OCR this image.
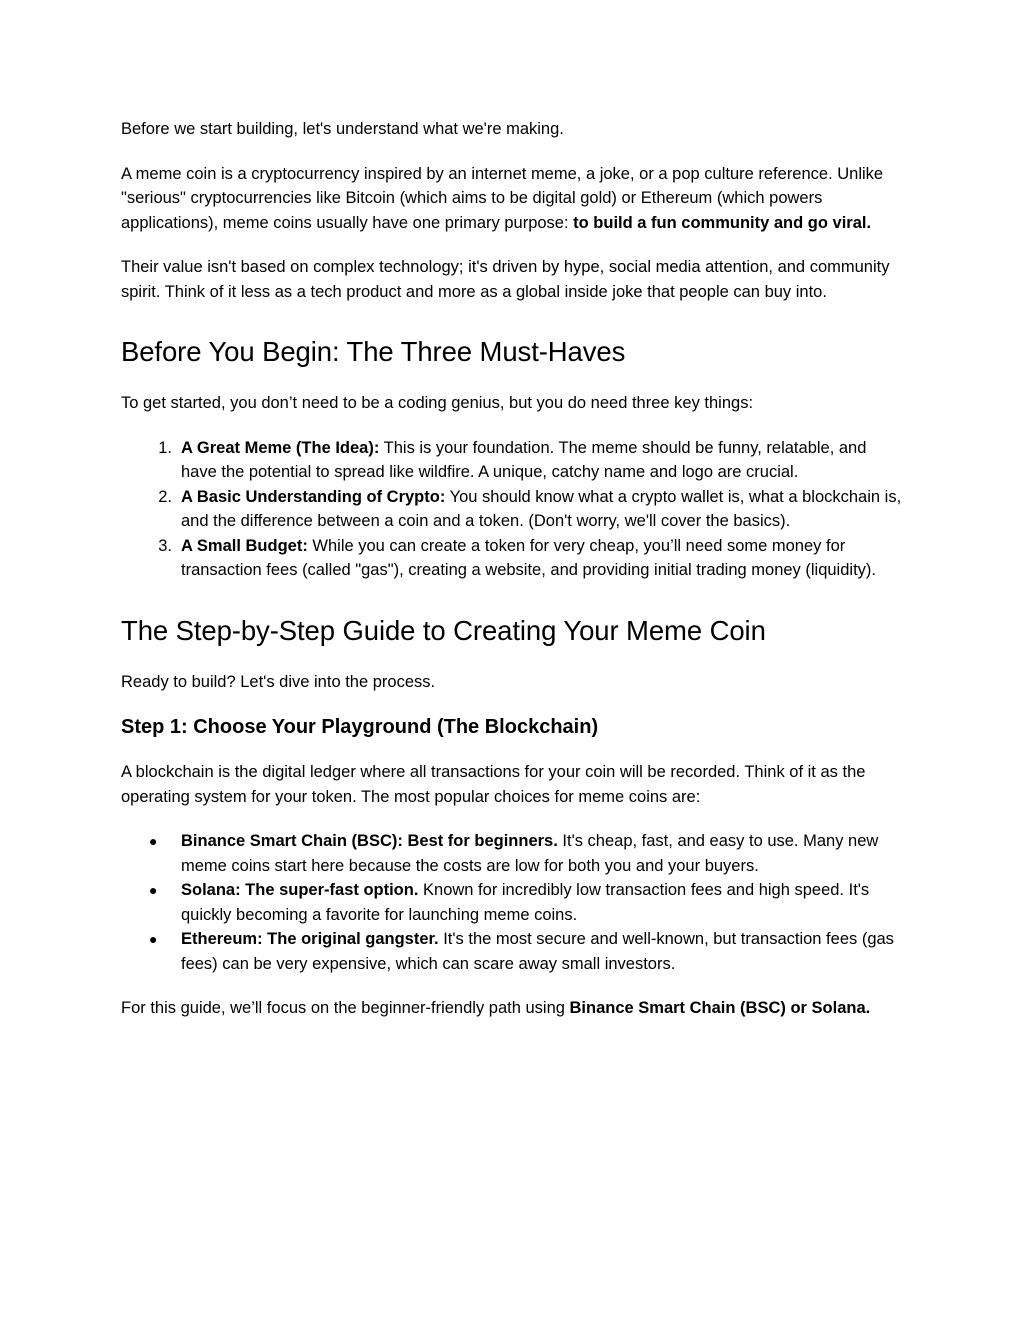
Before we start building, let's understand what we're making.

A meme coin is a cryptocurrency inspired by an internet meme, a joke, or a pop culture reference. Unlike "serious" cryptocurrencies like Bitcoin (which aims to be digital gold) or Ethereum (which powers applications), meme coins usually have one primary purpose: to build a fun community and go viral.

Their value isn't based on complex technology; it's driven by hype, social media attention, and community spirit. Think of it less as a tech product and more as a global inside joke that people can buy into.

Before You Begin: The Three Must-Haves

To get started, you don’t need to be a coding genius, but you do need three key things:

1. A Great Meme (The Idea): This is your foundation. The meme should be funny, relatable, and have the potential to spread like wildfire. A unique, catchy name and logo are crucial.
2. A Basic Understanding of Crypto: You should know what a crypto wallet is, what a blockchain is, and the difference between a coin and a token. (Don't worry, we'll cover the basics).
3. A Small Budget: While you can create a token for very cheap, you’ll need some money for transaction fees (called "gas"), creating a website, and providing initial trading money (liquidity).
The Step-by-Step Guide to Creating Your Meme Coin

Ready to build? Let's dive into the process.

Step 1: Choose Your Playground (The Blockchain)

A blockchain is the digital ledger where all transactions for your coin will be recorded. Think of it as the operating system for your token. The most popular choices for meme coins are:

●	Binance Smart Chain (BSC): Best for beginners. It's cheap, fast, and easy to use. Many new meme coins start here because the costs are low for both you and your buyers.
●	Solana: The super-fast option. Known for incredibly low transaction fees and high speed. It's quickly becoming a favorite for launching meme coins.
●	Ethereum: The original gangster. It's the most secure and well-known, but transaction fees (gas fees) can be very expensive, which can scare away small investors.

For this guide, we’ll focus on the beginner-friendly path using Binance Smart Chain (BSC) or Solana.
